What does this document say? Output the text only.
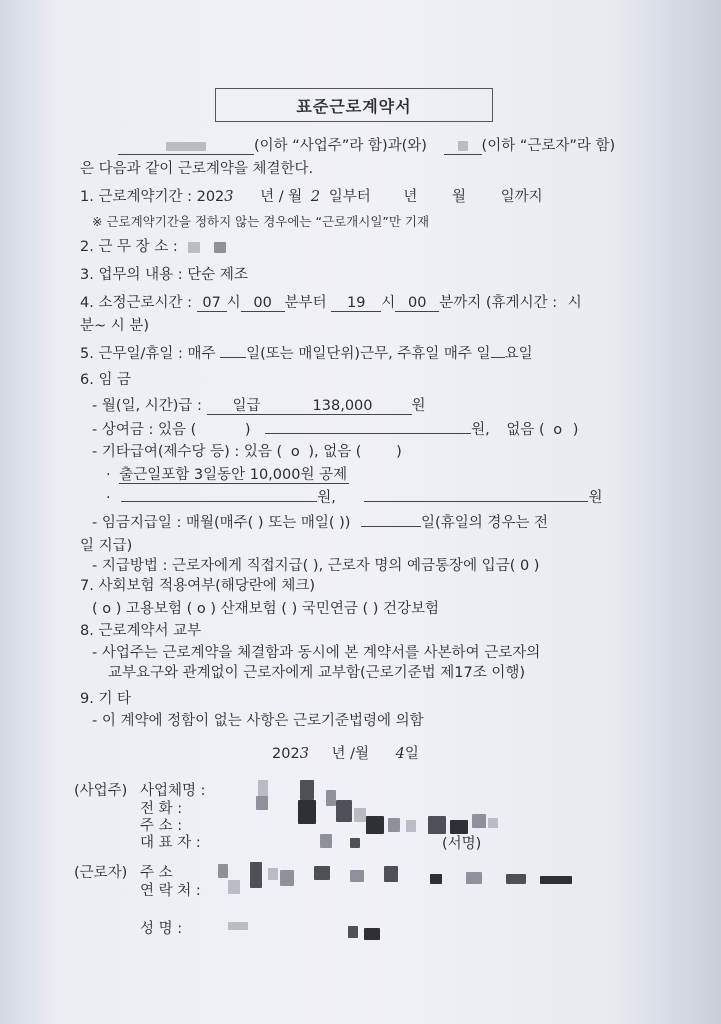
표준근로계약서
(이하 “사업주”라 함)과(와)	(이하 “근로자”라 함)
은 다음과 같이 근로계약을 체결한다.
1. 근로계약기간 : 2023 년 / 월 2 일부터 년 월 일까지
※ 근로계약기간을 정하지 않는 경우에는 “근로개시일”만 기재
2. 근 무 장 소 :
3. 업무의 내용 : 단순 제조
4. 소정근로시간 : 07 시 00 분부터 19 시 00 분까지 (휴게시간 : 시
분~ 시 분)
5. 근무일/휴일 : 매주 일(또는 매일단위)근무, 주휴일 매주 일 요일
6. 임 금
- 월(일, 시간)급 : 일급	138,000	원
- 상여금 : 있음 (	)	원, 없음 ( o )
- 기타급여(제수당 등) : 있음 ( o ), 없음 ( )
· 출근일포함 3일동안 10,000원 공제
·	원,	원
- 임금지급일 : 매월(매주( ) 또는 매일( ))	일(휴일의 경우는 전
일 지급)
- 지급방법 : 근로자에게 직접지급( ), 근로자 명의 예금통장에 입금( 0 )
7. 사회보험 적용여부(해당란에 체크)
( o ) 고용보험 ( o ) 산재보험 ( ) 국민연금 ( ) 건강보험
8. 근로계약서 교부
- 사업주는 근로계약을 체결함과 동시에 본 계약서를 사본하여 근로자의
교부요구와 관계없이 근로자에게 교부함(근로기준법 제17조 이행)
9. 기 타
- 이 계약에 정함이 없는 사항은 근로기준법령에 의함
2023 년 /월 4일
(사업주) 사업체명 :
전 화 :
주 소 :
대 표 자 :	(서명)
(근로자) 주 소
연 락 처 :
성 명 :
